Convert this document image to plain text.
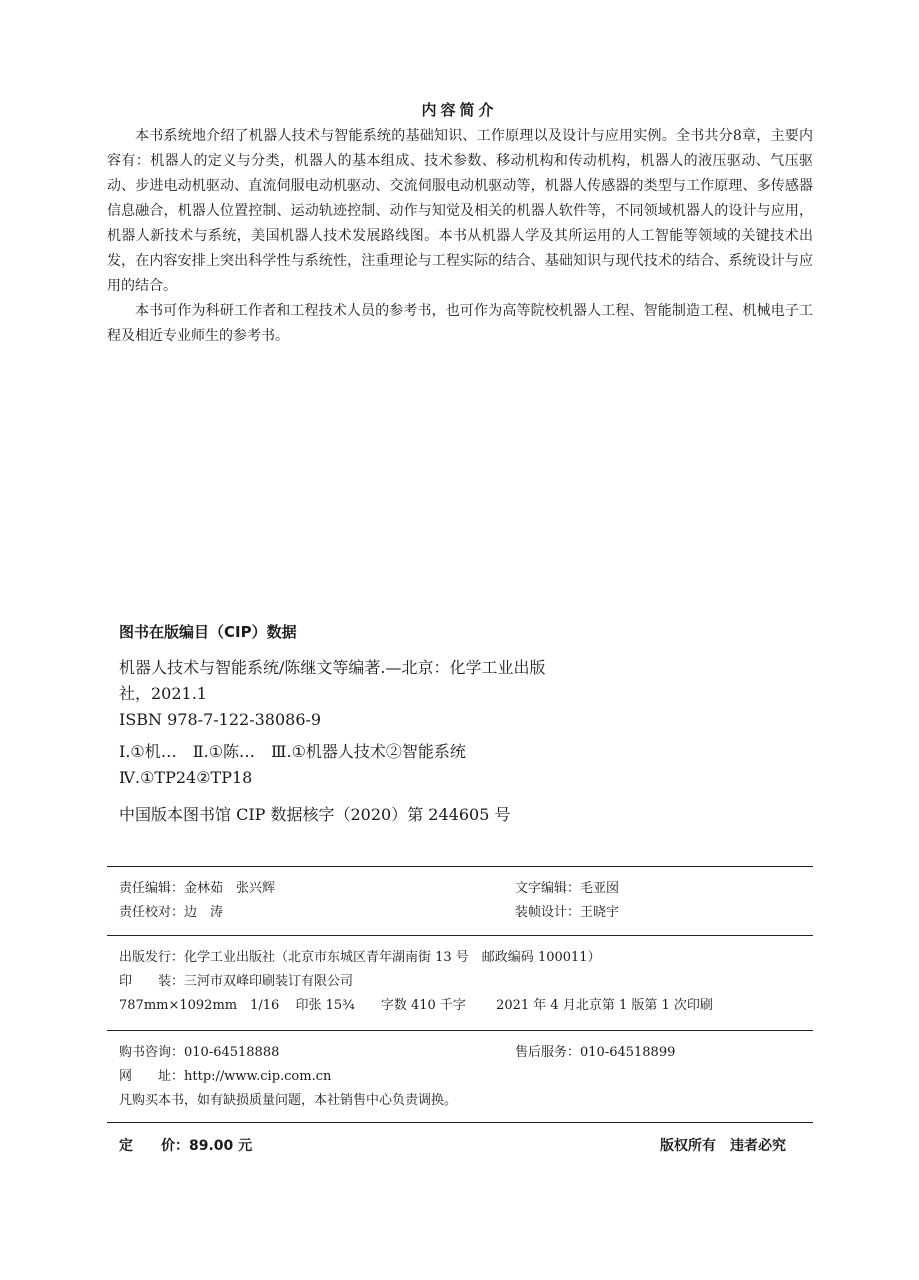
内容简介

本书系统地介绍了机器人技术与智能系统的基础知识、工作原理以及设计与应用实例。全书共分8章，主要内容有：机器人的定义与分类，机器人的基本组成、技术参数、移动机构和传动机构，机器人的液压驱动、气压驱动、步进电动机驱动、直流伺服电动机驱动、交流伺服电动机驱动等，机器人传感器的类型与工作原理、多传感器信息融合，机器人位置控制、运动轨迹控制、动作与知觉及相关的机器人软件等，不同领域机器人的设计与应用，机器人新技术与系统，美国机器人技术发展路线图。本书从机器人学及其所运用的人工智能等领域的关键技术出发，在内容安排上突出科学性与系统性，注重理论与工程实际的结合、基础知识与现代技术的结合、系统设计与应用的结合。

本书可作为科研工作者和工程技术人员的参考书，也可作为高等院校机器人工程、智能制造工程、机械电子工程及相近专业师生的参考书。

图书在版编目（CIP）数据
机器人技术与智能系统/陈继文等编著.—北京：化学工业出版社，2021.1
ISBN 978-7-122-38086-9
Ⅰ.①机…　Ⅱ.①陈…　Ⅲ.①机器人技术②智能系统　Ⅳ.①TP24②TP18
中国版本图书馆 CIP 数据核字（2020）第 244605 号
责任编辑：金林茹　张兴辉	文字编辑：毛亚囡
责任校对：边　涛	装帧设计：王晓宇
出版发行：化学工业出版社（北京市东城区青年湖南街 13 号　邮政编码 100011）
印　　装：三河市双峰印刷装订有限公司
787mm×1092mm　1/16 印张 15¾ 字数 410 千字 2021 年 4 月北京第 1 版第 1 次印刷
购书咨询：010-64518888	售后服务：010-64518899
网　　址：http://www.cip.com.cn
凡购买本书，如有缺损质量问题，本社销售中心负责调换。
定　　价：89.00 元	版权所有　违者必究
